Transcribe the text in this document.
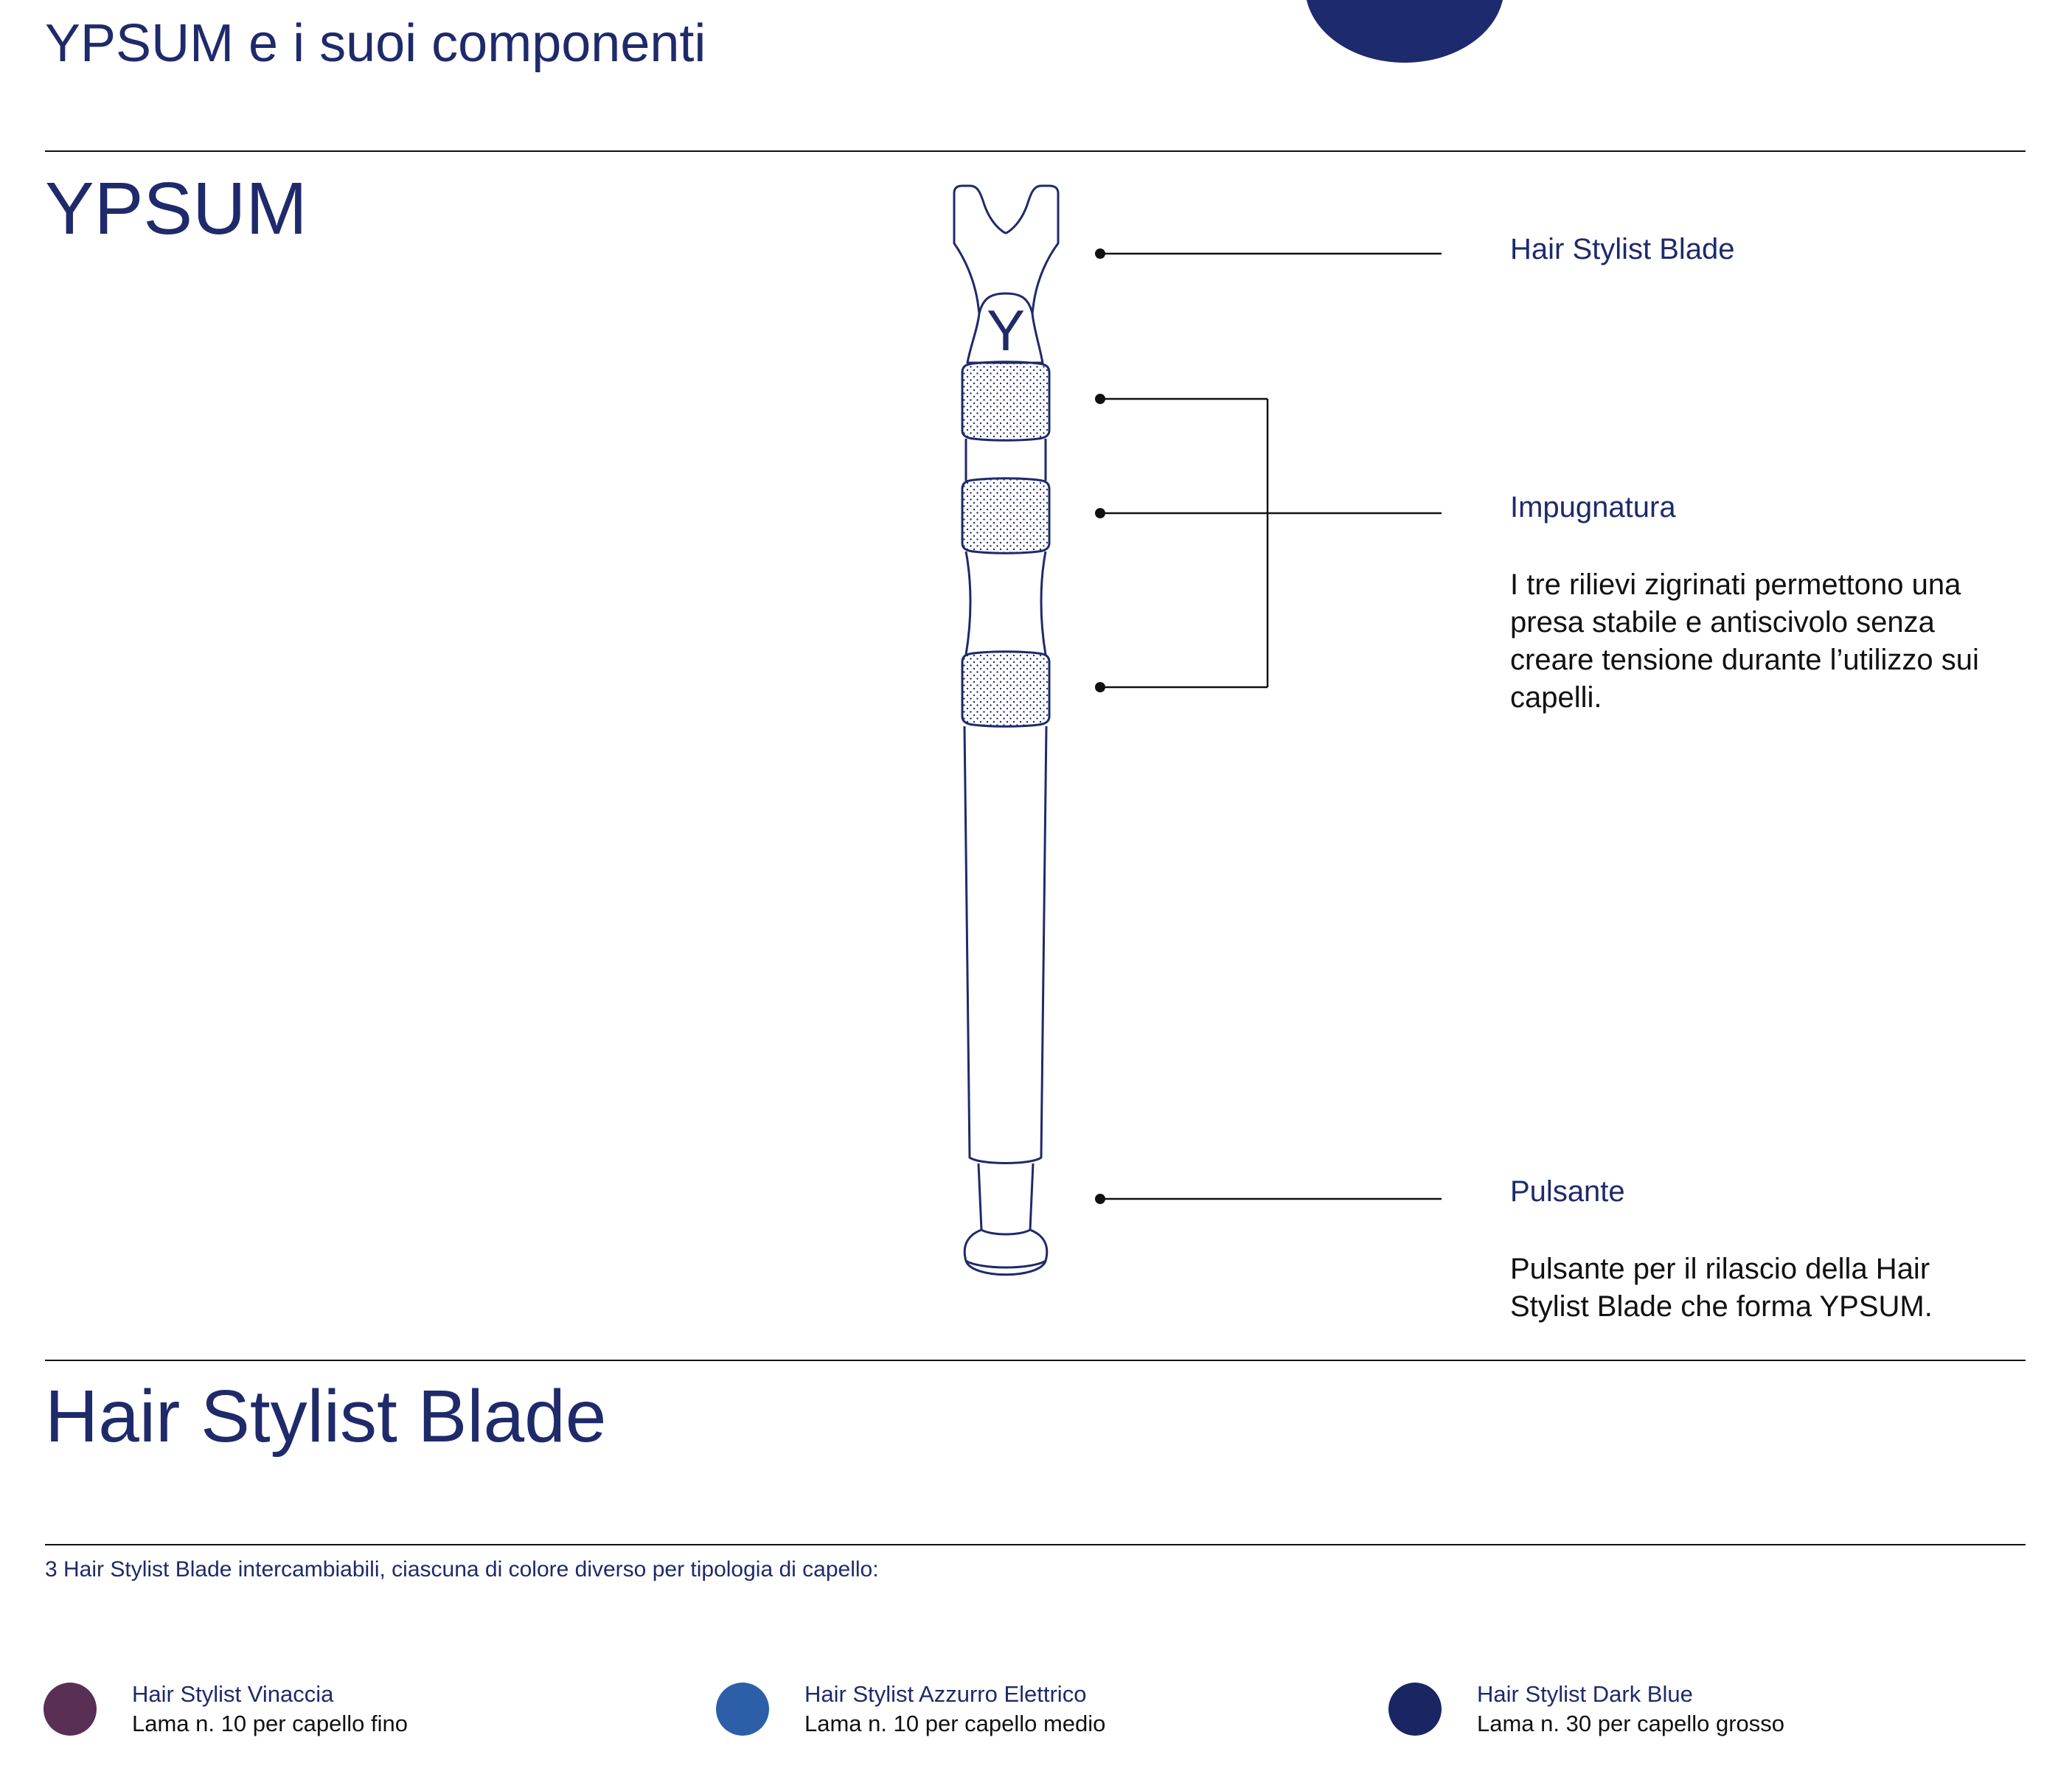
YPSUM e i suoi componenti
YPSUM
Y
Hair Stylist Blade
Impugnatura
I tre rilievi zigrinati permettono una presa stabile e antiscivolo senza creare tensione durante l’utilizzo sui capelli.
Pulsante
Pulsante per il rilascio della Hair Stylist Blade che forma YPSUM.
Hair Stylist Blade
3 Hair Stylist Blade intercambiabili, ciascuna di colore diverso per tipologia di capello:
Hair Stylist Vinaccia
Lama n. 10 per capello fino
Hair Stylist Azzurro Elettrico
Lama n. 10 per capello medio
Hair Stylist Dark Blue
Lama n. 30 per capello grosso
